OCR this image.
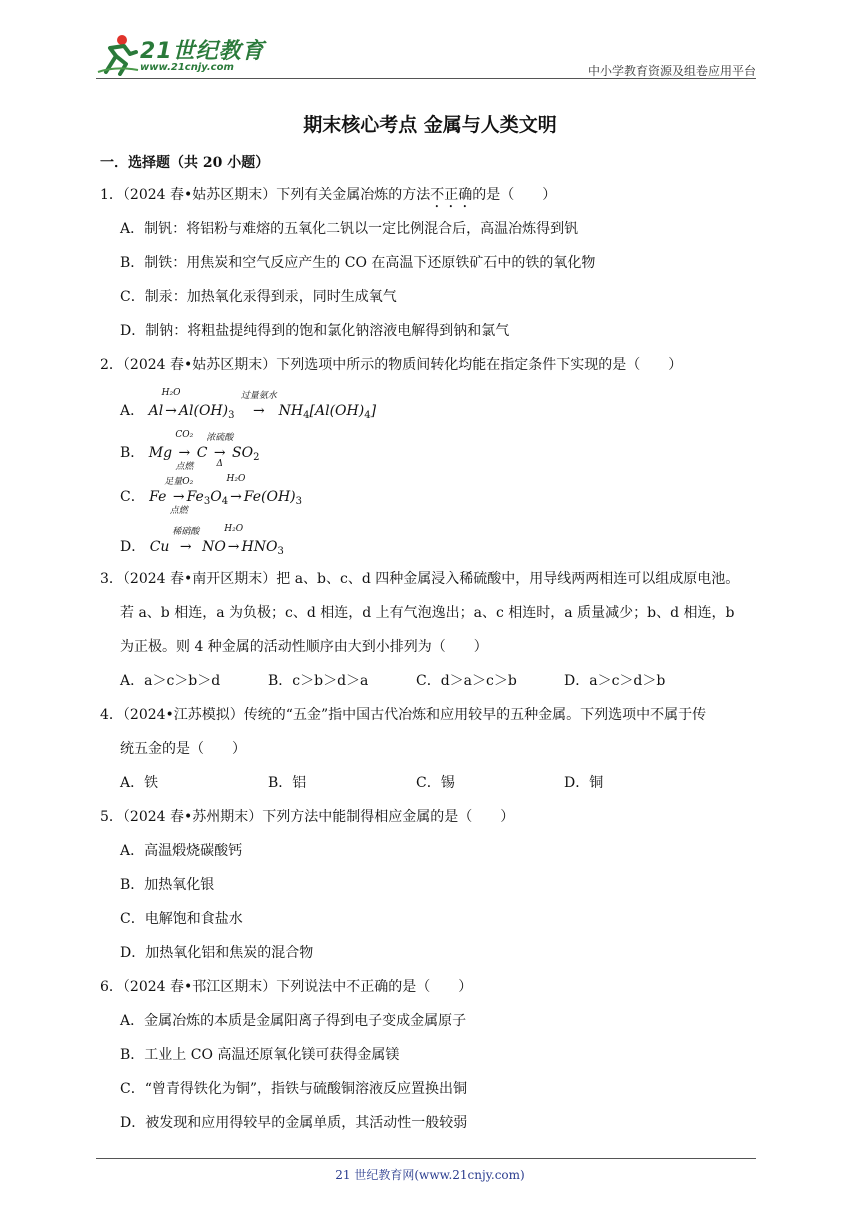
21世纪教育
www.21cnjy.com	中小学教育资源及组卷应用平台
期末核心考点 金属与人类文明
一．选择题（共 20 小题）
1．（2024 春•姑苏区期末）下列有关金属冶炼的方法不正确的是（　　）
A．制钒：将铝粉与难熔的五氧化二钒以一定比例混合后，高温冶炼得到钒
B．制铁：用焦炭和空气反应产生的 CO 在高温下还原铁矿石中的铁的氧化物
C．制汞：加热氧化汞得到汞，同时生成氧气
D．制钠：将粗盐提纯得到的饱和氯化钠溶液电解得到钠和氯气
2．（2024 春•姑苏区期末）下列选项中所示的物质间转化均能在指定条件下实现的是（　　）
A． Al →
H₂O
$Al(OH)_3$ →
过量氨水
$NH_4[Al(OH)_4]$
B． Mg →
CO₂
点燃
C →
浓硫酸
Δ
$SO_2$
C． Fe →
足量O₂
点燃
$Fe_3O_4$ →
H₂O
$Fe(OH)_3$
D． Cu →
稀硝酸
NO →
H₂O
$HNO_3$
3．（2024 春•南开区期末）把 a、b、c、d 四种金属浸入稀硫酸中，用导线两两相连可以组成原电池。
若 a、b 相连，a 为负极；c、d 相连，d 上有气泡逸出；a、c 相连时，a 质量减少；b、d 相连，b
为正极。则 4 种金属的活动性顺序由大到小排列为（　　）
A．a＞c＞b＞d	B．c＞b＞d＞a	C．d＞a＞c＞b	D．a＞c＞d＞b
4．（2024•江苏模拟）传统的“五金”指中国古代冶炼和应用较早的五种金属。下列选项中不属于传
统五金的是（　　）
A．铁	B．铝	C．锡	D．铜
5．（2024 春•苏州期末）下列方法中能制得相应金属的是（　　）
A．高温煅烧碳酸钙
B．加热氧化银
C．电解饱和食盐水
D．加热氧化铝和焦炭的混合物
6．（2024 春•邗江区期末）下列说法中不正确的是（　　）
A．金属冶炼的本质是金属阳离子得到电子变成金属原子
B．工业上 CO 高温还原氧化镁可获得金属镁
C．“曾青得铁化为铜”，指铁与硫酸铜溶液反应置换出铜
D．被发现和应用得较早的金属单质，其活动性一般较弱
21 世纪教育网(www.21cnjy.com)
